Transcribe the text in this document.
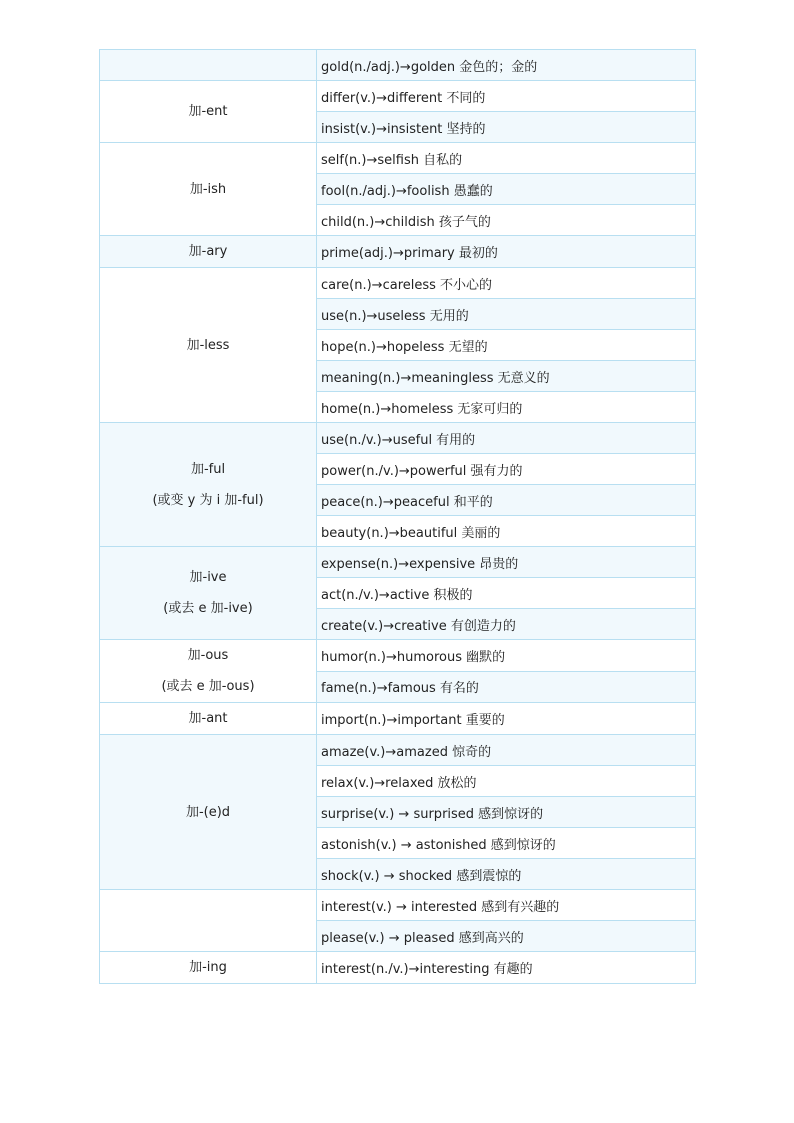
	gold(n./adj.)→golden 金色的；金的

加-ent	differ(v.)→different 不同的
	insist(v.)→insistent 坚持的

加-ish	self(n.)→selfish 自私的
	fool(n./adj.)→foolish 愚蠢的
	child(n.)→childish 孩子气的

加-ary	prime(adj.)→primary 最初的

加-less	care(n.)→careless 不小心的
	use(n.)→useless 无用的
	hope(n.)→hopeless 无望的
	meaning(n.)→meaningless 无意义的
	home(n.)→homeless 无家可归的

加-ful
(或变 y 为 i 加-ful)	use(n./v.)→useful 有用的
	power(n./v.)→powerful 强有力的
	peace(n.)→peaceful 和平的
	beauty(n.)→beautiful 美丽的

加-ive
(或去 e 加-ive)	expense(n.)→expensive 昂贵的
	act(n./v.)→active 积极的
	create(v.)→creative 有创造力的

加-ous
(或去 e 加-ous)	humor(n.)→humorous 幽默的
	fame(n.)→famous 有名的

加-ant	import(n.)→important 重要的

加-(e)d	amaze(v.)→amazed 惊奇的
	relax(v.)→relaxed 放松的
	surprise(v.) → surprised 感到惊讶的
	astonish(v.) → astonished 感到惊讶的
	shock(v.) → shocked 感到震惊的

	interest(v.) → interested 感到有兴趣的
	please(v.) → pleased 感到高兴的

加-ing	interest(n./v.)→interesting 有趣的
